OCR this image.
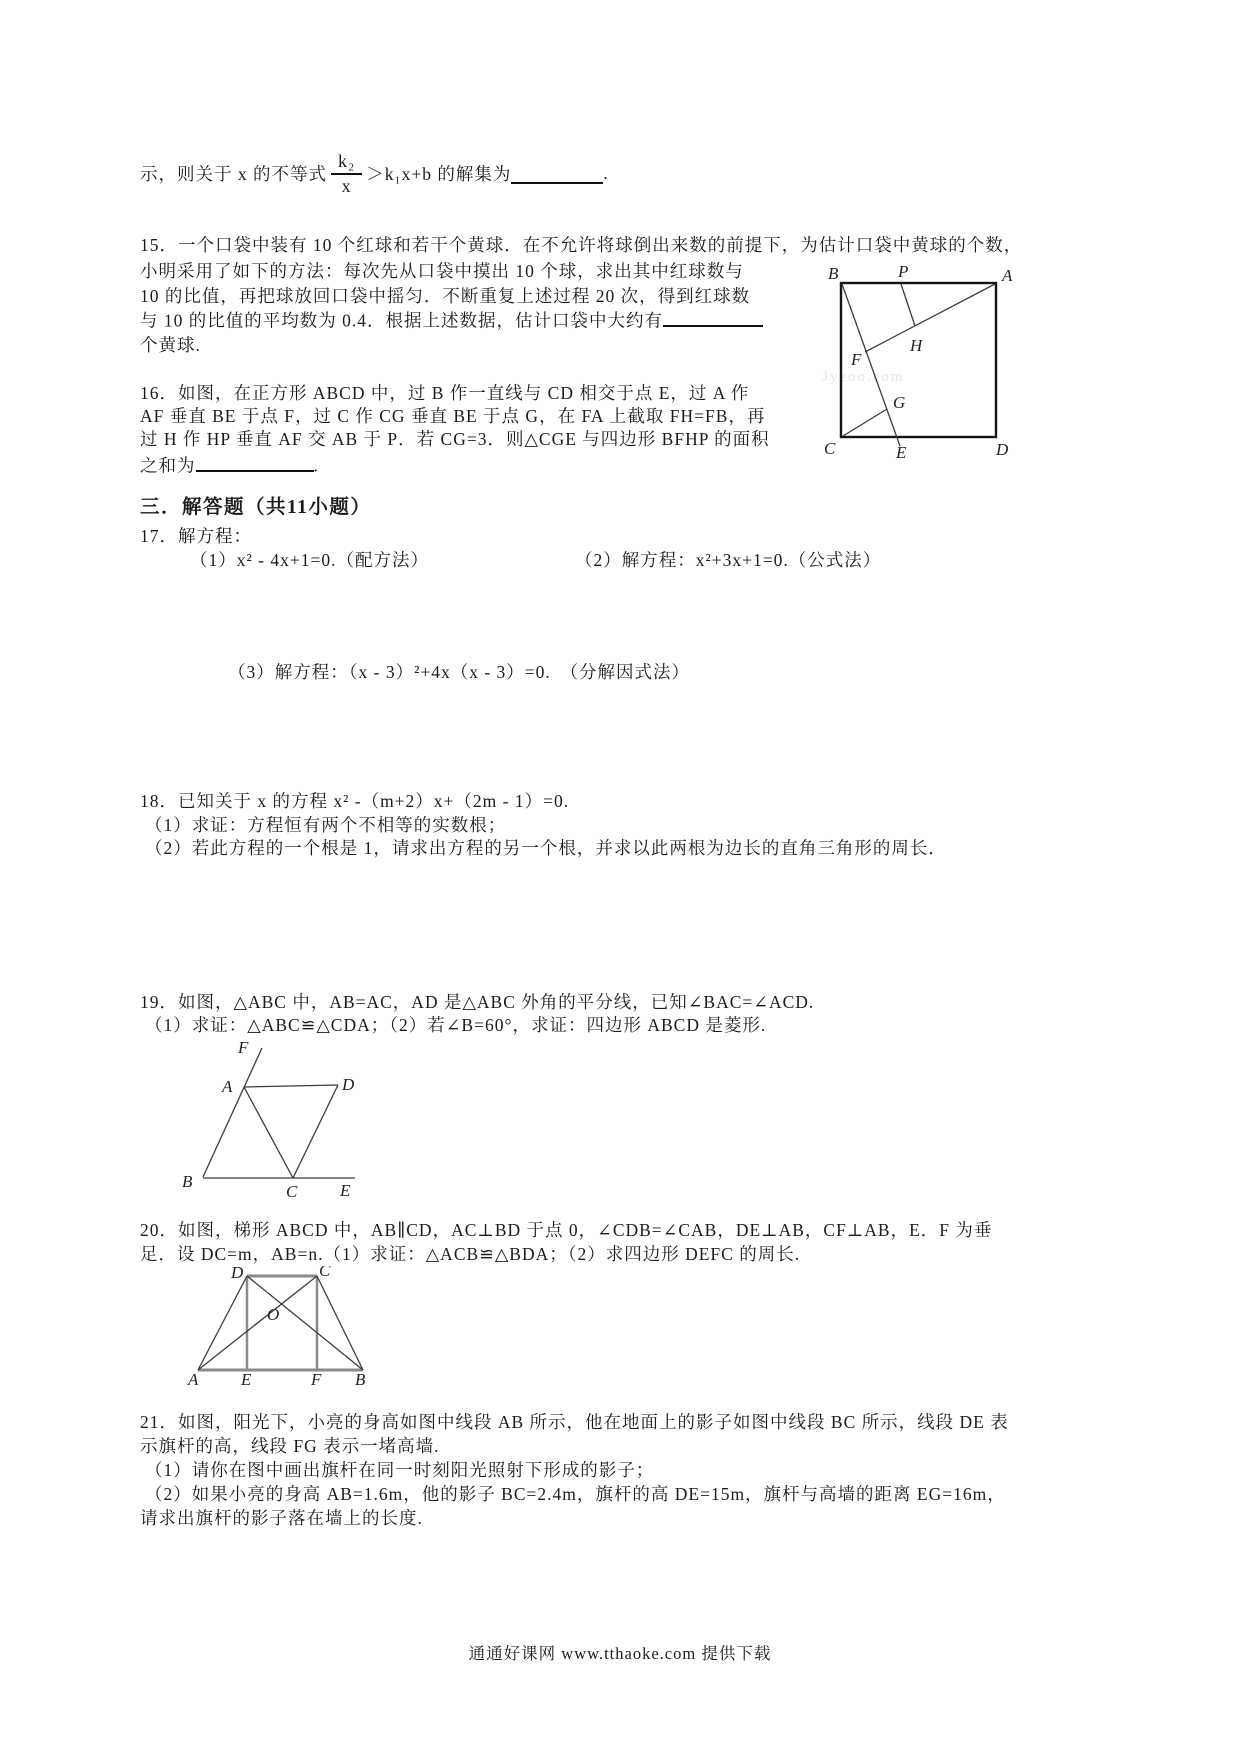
示，则关于 x 的不等式 $\frac{\text{k₂}}{x} >k_1x+b$ 的解集为	.
15．一个口袋中装有 10 个红球和若干个黄球．在不允许将球倒出来数的前提下，为估计口袋中黄球的个数，
小明采用了如下的方法：每次先从口袋中摸出 10 个球，求出其中红球数与
10 的比值，再把球放回口袋中摇匀．不断重复上述过程 20 次，得到红球数
与 10 的比值的平均数为 0.4．根据上述数据，估计口袋中大约有
个黄球.
Jyeoo.com
B	P	A
C	E	D
F
H
G
16．如图，在正方形 ABCD 中，过 B 作一直线与 CD 相交于点 E，过 A 作
AF 垂直 BE 于点 F，过 C 作 CG 垂直 BE 于点 G，在 FA 上截取 FH=FB，再
过 H 作 HP 垂直 AF 交 AB 于 P．若 CG=3．则△CGE 与四边形 BFHP 的面积
之和为	.
三．解答题（共11小题）
17．解方程：
（1）x² - 4x+1=0.（配方法）	（2）解方程：x²+3x+1=0.（公式法）
（3）解方程：（x - 3）²+4x（x - 3）=0.　（分解因式法）
18．已知关于 x 的方程 x² -（m+2）x+（2m - 1）=0.
（1）求证：方程恒有两个不相等的实数根；
（2）若此方程的一个根是 1，请求出方程的另一个根，并求以此两根为边长的直角三角形的周长．
19．如图，△ABC 中，AB=AC，AD 是△ABC 外角的平分线，已知∠BAC=∠ACD.
（1）求证：△ABC≌△CDA；（2）若∠B=60°，求证：四边形 ABCD 是菱形.
F
A	D
B
C	E
20．如图，梯形 ABCD 中，AB∥CD，AC⊥BD 于点 0，∠CDB=∠CAB，DE⊥AB，CF⊥AB，E．F 为垂
足．设 DC=m，AB=n.（1）求证：△ACB≌△BDA；（2）求四边形 DEFC 的周长.
D	C
O
A	E	F B
21．如图，阳光下，小亮的身高如图中线段 AB 所示，他在地面上的影子如图中线段 BC 所示，线段 DE 表
示旗杆的高，线段 FG 表示一堵高墙.
（1）请你在图中画出旗杆在同一时刻阳光照射下形成的影子；
（2）如果小亮的身高 AB=1.6m，他的影子 BC=2.4m，旗杆的高 DE=15m，旗杆与高墙的距离 EG=16m，
请求出旗杆的影子落在墙上的长度.
通通好课网 www.tthaoke.com 提供下载
